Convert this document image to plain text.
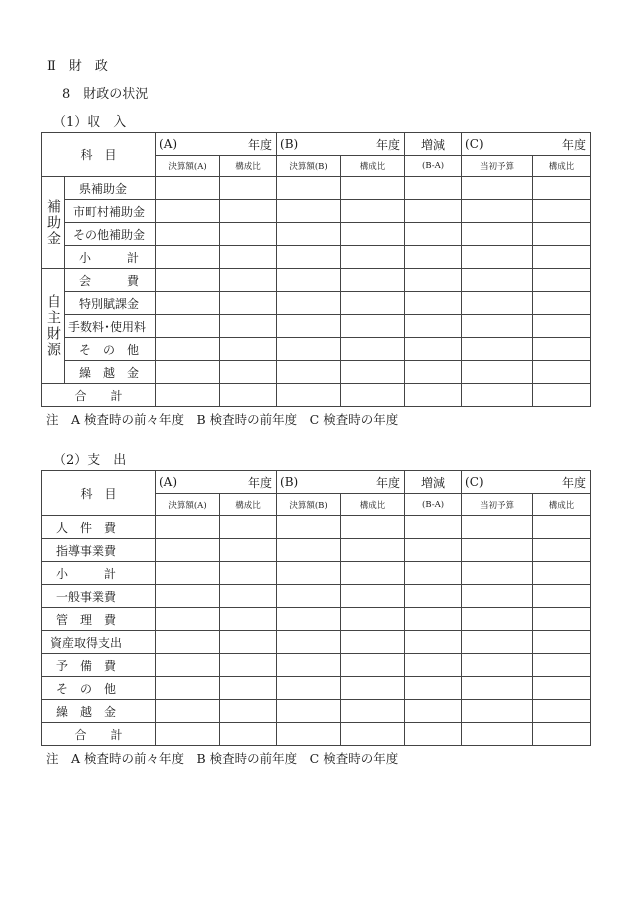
Ⅱ　財　政
8　財政の状況
（1）収　入
科　目		(A) 年度		(B) 年度		増減	(C) 年度	

		決算額(A)	構成比	決算額(B)	構成比	(B-A)	当初予算	構成比

補助金	県補助金							
	市町村補助金							
	その他補助金							
	小　　　計							

自主財源	会　　　費							
	特別賦課金							
	手数料･使用料							
	そ　の　他							
	繰　越　金							
合　　計								
注　A 検査時の前々年度　B 検査時の前年度　C 検査時の年度
（2）支　出
科　目	(A) 年度		(B) 年度		増減	(C) 年度	

	決算額(A)	構成比	決算額(B)	構成比	(B-A)	当初予算	構成比
人　件　費							
指導事業費							
小　　　計							
一般事業費							
管　理　費							
資産取得支出							
予　備　費							
そ　の　他							
繰　越　金							
合　　計							
注　A 検査時の前々年度　B 検査時の前年度　C 検査時の年度
